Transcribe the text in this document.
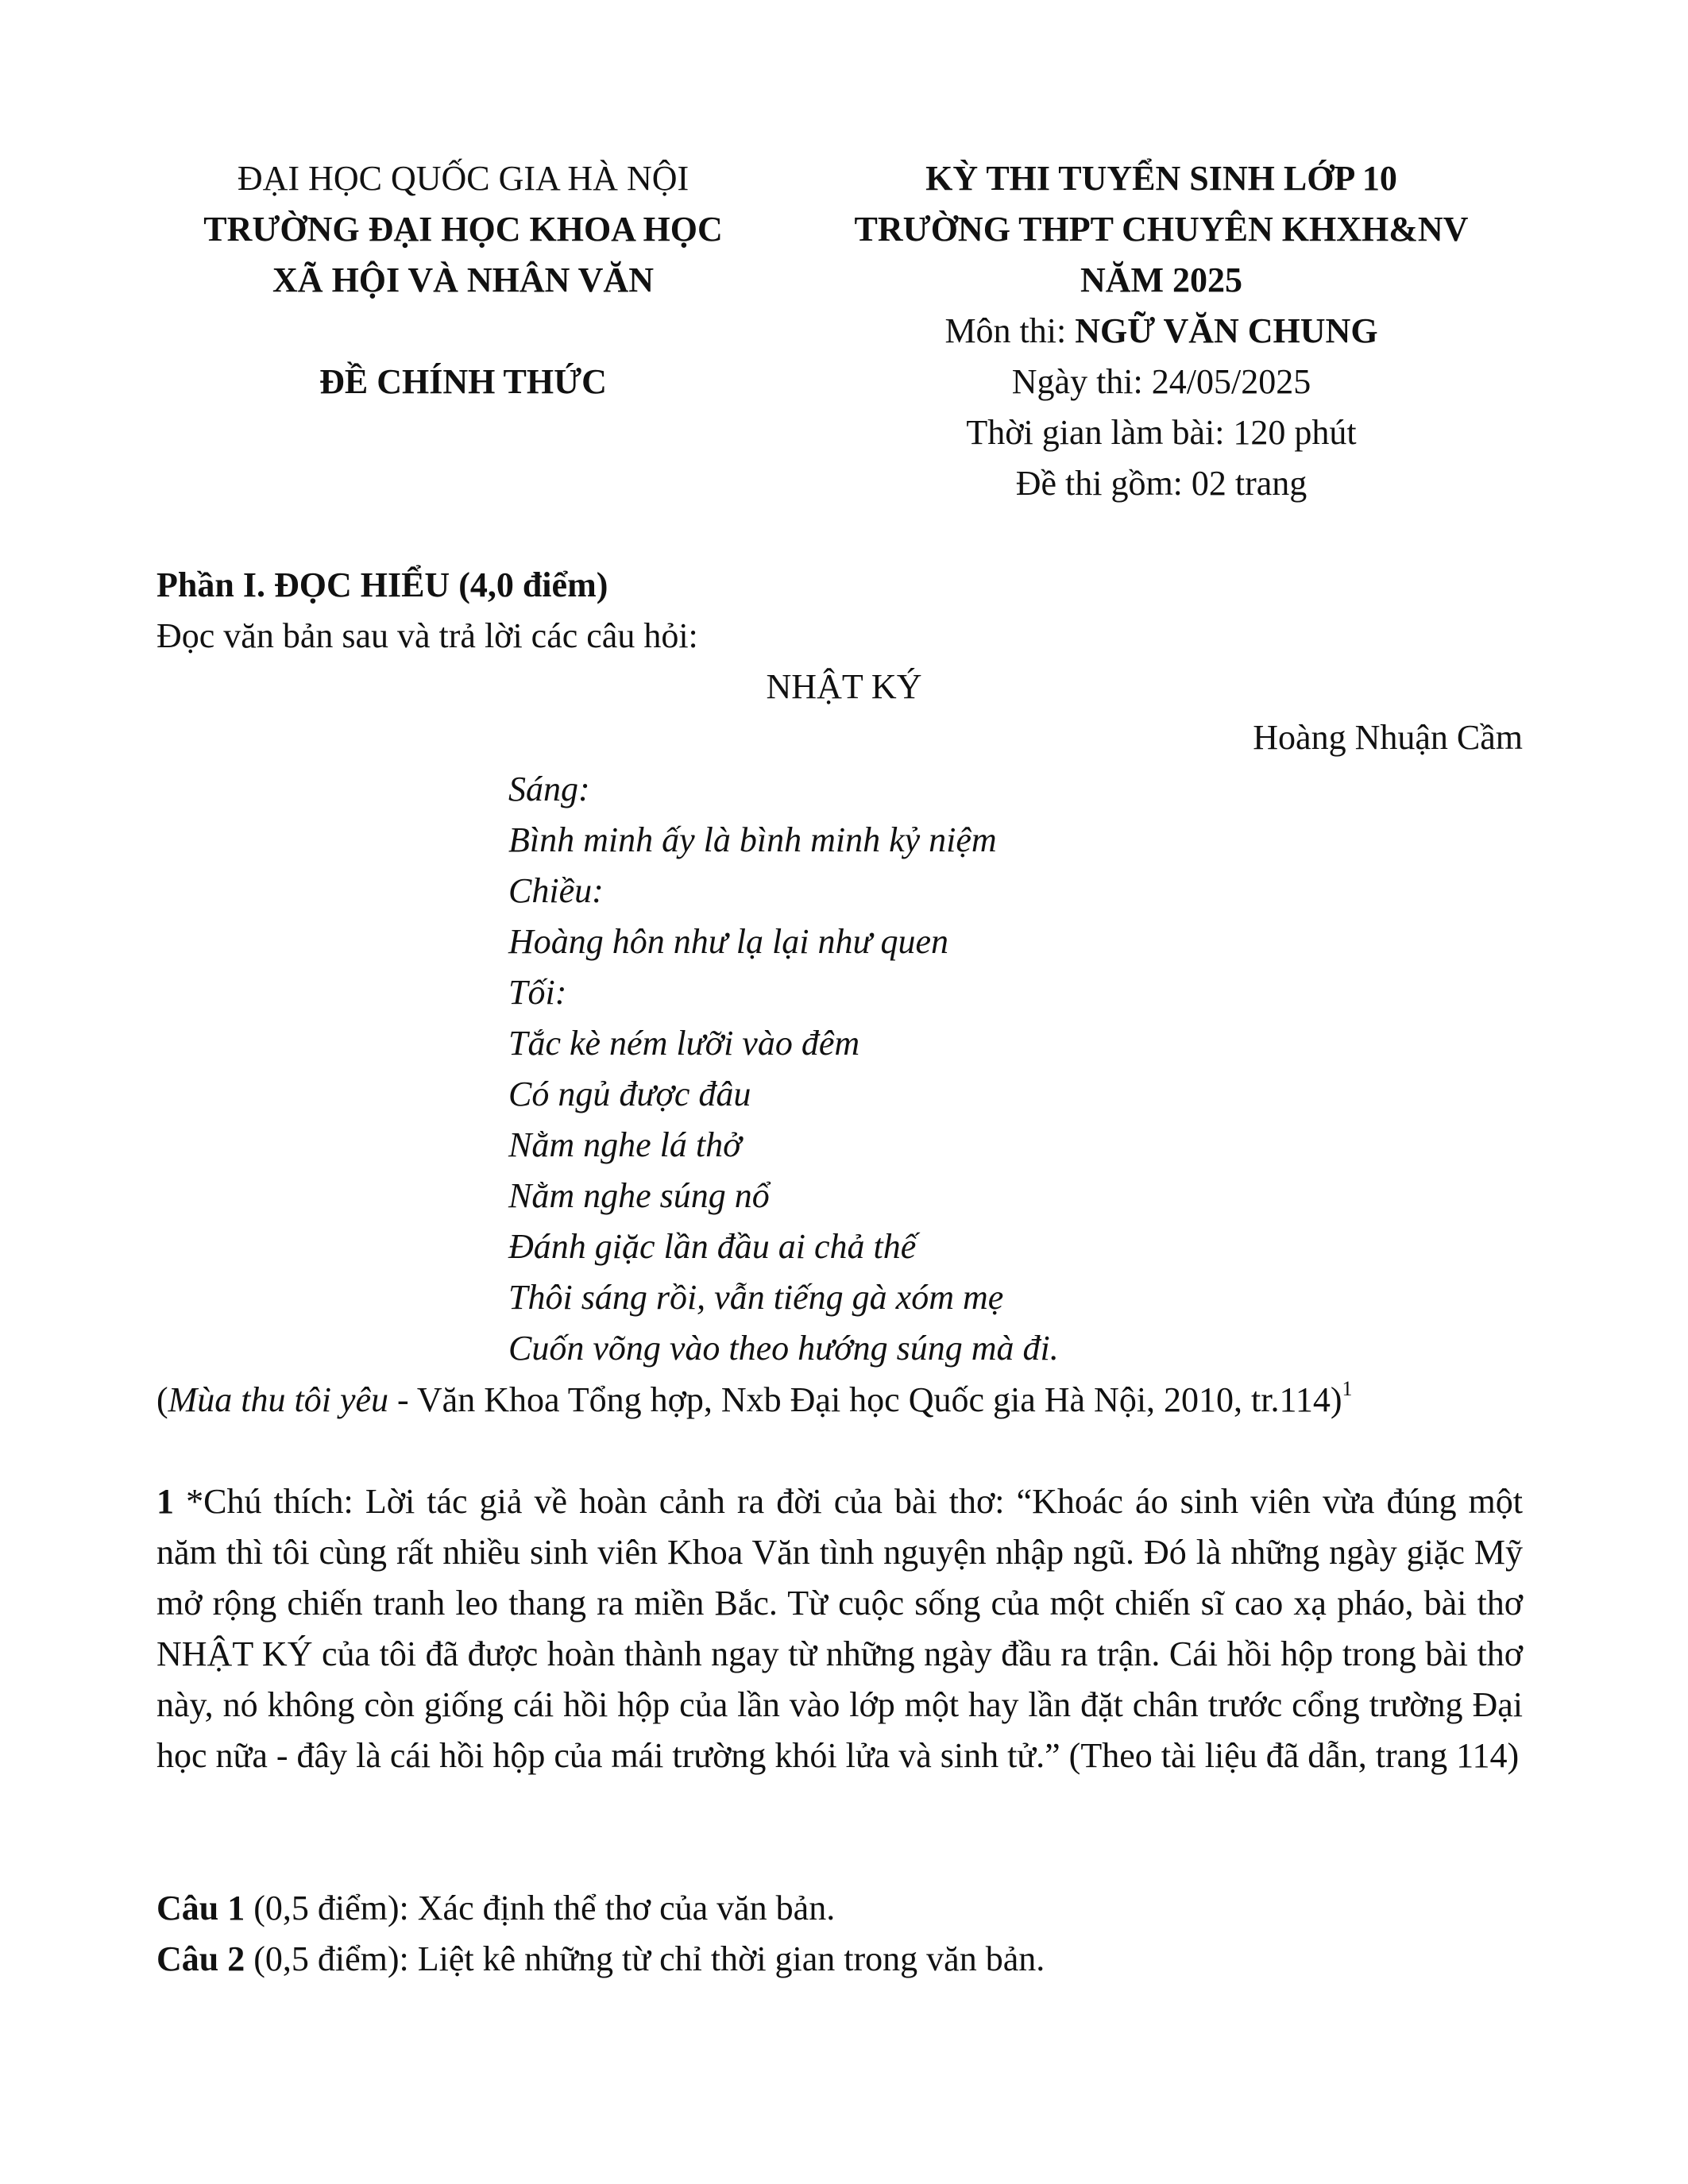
ĐẠI HỌC QUỐC GIA HÀ NỘI
TRƯỜNG ĐẠI HỌC KHOA HỌC
XÃ HỘI VÀ NHÂN VĂN
ĐỀ CHÍNH THỨC
KỲ THI TUYỂN SINH LỚP 10
TRƯỜNG THPT CHUYÊN KHXH&NV
NĂM 2025
Môn thi: NGỮ VĂN CHUNG
Ngày thi: 24/05/2025
Thời gian làm bài: 120 phút
Đề thi gồm: 02 trang
Phần I. ĐỌC HIỂU (4,0 điểm)
Đọc văn bản sau và trả lời các câu hỏi:
NHẬT KÝ
Hoàng Nhuận Cầm
Sáng:
Bình minh ấy là bình minh kỷ niệm
Chiều:
Hoàng hôn như lạ lại như quen
Tối:
Tắc kè ném lưỡi vào đêm
Có ngủ được đâu
Nằm nghe lá thở
Nằm nghe súng nổ
Đánh giặc lần đầu ai chả thế
Thôi sáng rồi, vẫn tiếng gà xóm mẹ
Cuốn võng vào theo hướng súng mà đi.
(Mùa thu tôi yêu - Văn Khoa Tổng hợp, Nxb Đại học Quốc gia Hà Nội, 2010, tr.114)$^1$
1 *Chú thích: Lời tác giả về hoàn cảnh ra đời của bài thơ: “Khoác áo sinh viên vừa đúng một năm thì tôi cùng rất nhiều sinh viên Khoa Văn tình nguyện nhập ngũ. Đó là những ngày giặc Mỹ mở rộng chiến tranh leo thang ra miền Bắc. Từ cuộc sống của một chiến sĩ cao xạ pháo, bài thơ NHẬT KÝ của tôi đã được hoàn thành ngay từ những ngày đầu ra trận. Cái hồi hộp trong bài thơ này, nó không còn giống cái hồi hộp của lần vào lớp một hay lần đặt chân trước cổng trường Đại học nữa - đây là cái hồi hộp của mái trường khói lửa và sinh tử.” (Theo tài liệu đã dẫn, trang 114)
Câu 1 (0,5 điểm): Xác định thể thơ của văn bản.
Câu 2 (0,5 điểm): Liệt kê những từ chỉ thời gian trong văn bản.
